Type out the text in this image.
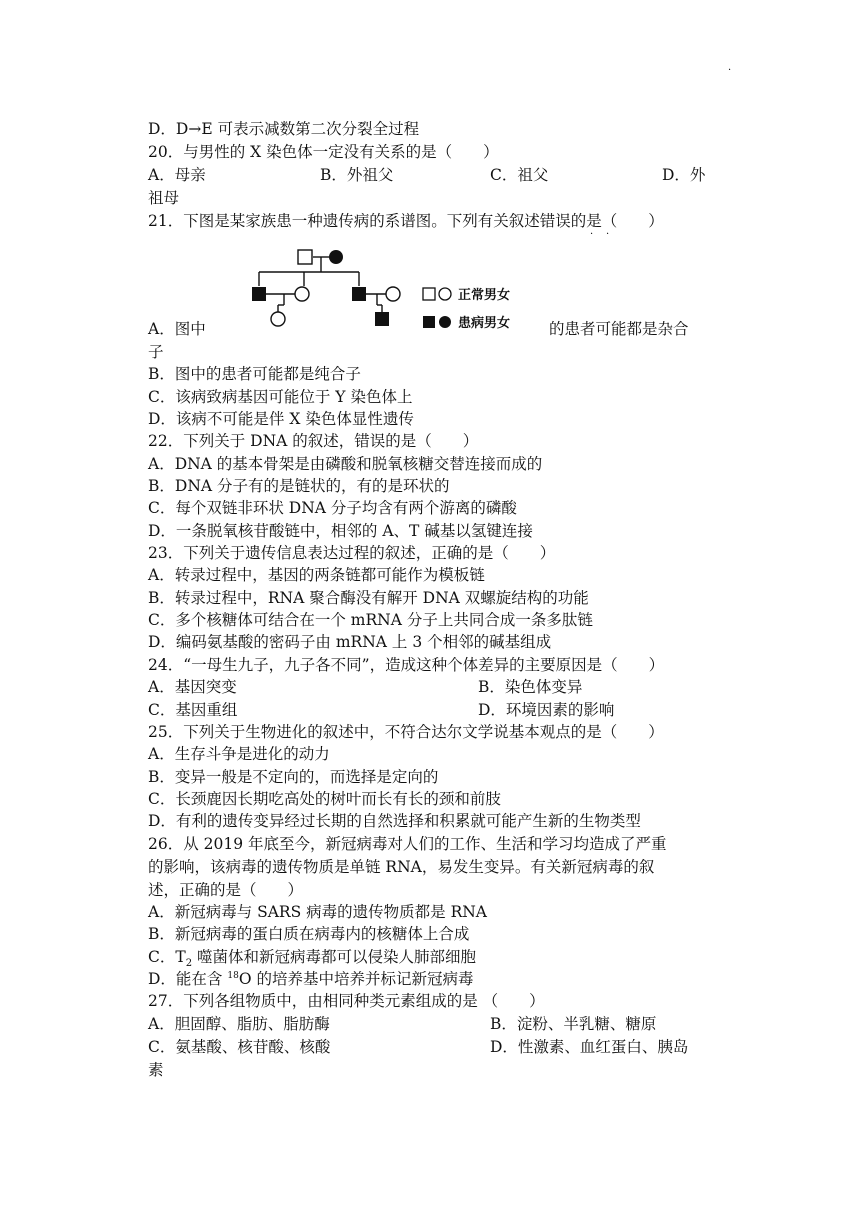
·
D．D→E 可表示减数第二次分裂全过程
20．与男性的 X 染色体一定没有关系的是（　　）
A．母亲	B．外祖父	C．祖父	D．外
祖母
21．下图是某家族患一种遗传病的系谱图。下列有关叙述错误的是（　　）
· ·
正常男女
患病男女
A．图中	的患者可能都是杂合
子
B．图中的患者可能都是纯合子
C．该病致病基因可能位于 Y 染色体上
D．该病不可能是伴 X 染色体显性遗传
22．下列关于 DNA 的叙述，错误的是（　　）
A．DNA 的基本骨架是由磷酸和脱氧核糖交替连接而成的
B．DNA 分子有的是链状的，有的是环状的
C．每个双链非环状 DNA 分子均含有两个游离的磷酸
D．一条脱氧核苷酸链中，相邻的 A、T 碱基以氢键连接
23．下列关于遗传信息表达过程的叙述，正确的是（　　）
A．转录过程中，基因的两条链都可能作为模板链
B．转录过程中，RNA 聚合酶没有解开 DNA 双螺旋结构的功能
C．多个核糖体可结合在一个 mRNA 分子上共同合成一条多肽链
D．编码氨基酸的密码子由 mRNA 上 3 个相邻的碱基组成
24．“一母生九子，九子各不同”，造成这种个体差异的主要原因是（　　）
A．基因突变	B．染色体变异
C．基因重组	D．环境因素的影响
25．下列关于生物进化的叙述中，不符合达尔文学说基本观点的是（　　）
A．生存斗争是进化的动力
B．变异一般是不定向的，而选择是定向的
C．长颈鹿因长期吃高处的树叶而长有长的颈和前肢
D．有利的遗传变异经过长期的自然选择和积累就可能产生新的生物类型
26．从 2019 年底至今，新冠病毒对人们的工作、生活和学习均造成了严重
的影响，该病毒的遗传物质是单链 RNA，易发生变异。有关新冠病毒的叙
述，正确的是（　　）
A．新冠病毒与 SARS 病毒的遗传物质都是 RNA
B．新冠病毒的蛋白质在病毒内的核糖体上合成
C．$T_2$ 噬菌体和新冠病毒都可以侵染人肺部细胞
D．能在含 $^{18}$O 的培养基中培养并标记新冠病毒
27．下列各组物质中，由相同种类元素组成的是 （　　）
A．胆固醇、脂肪、脂肪酶	B．淀粉、半乳糖、糖原
C．氨基酸、核苷酸、核酸	D．性激素、血红蛋白、胰岛
素
